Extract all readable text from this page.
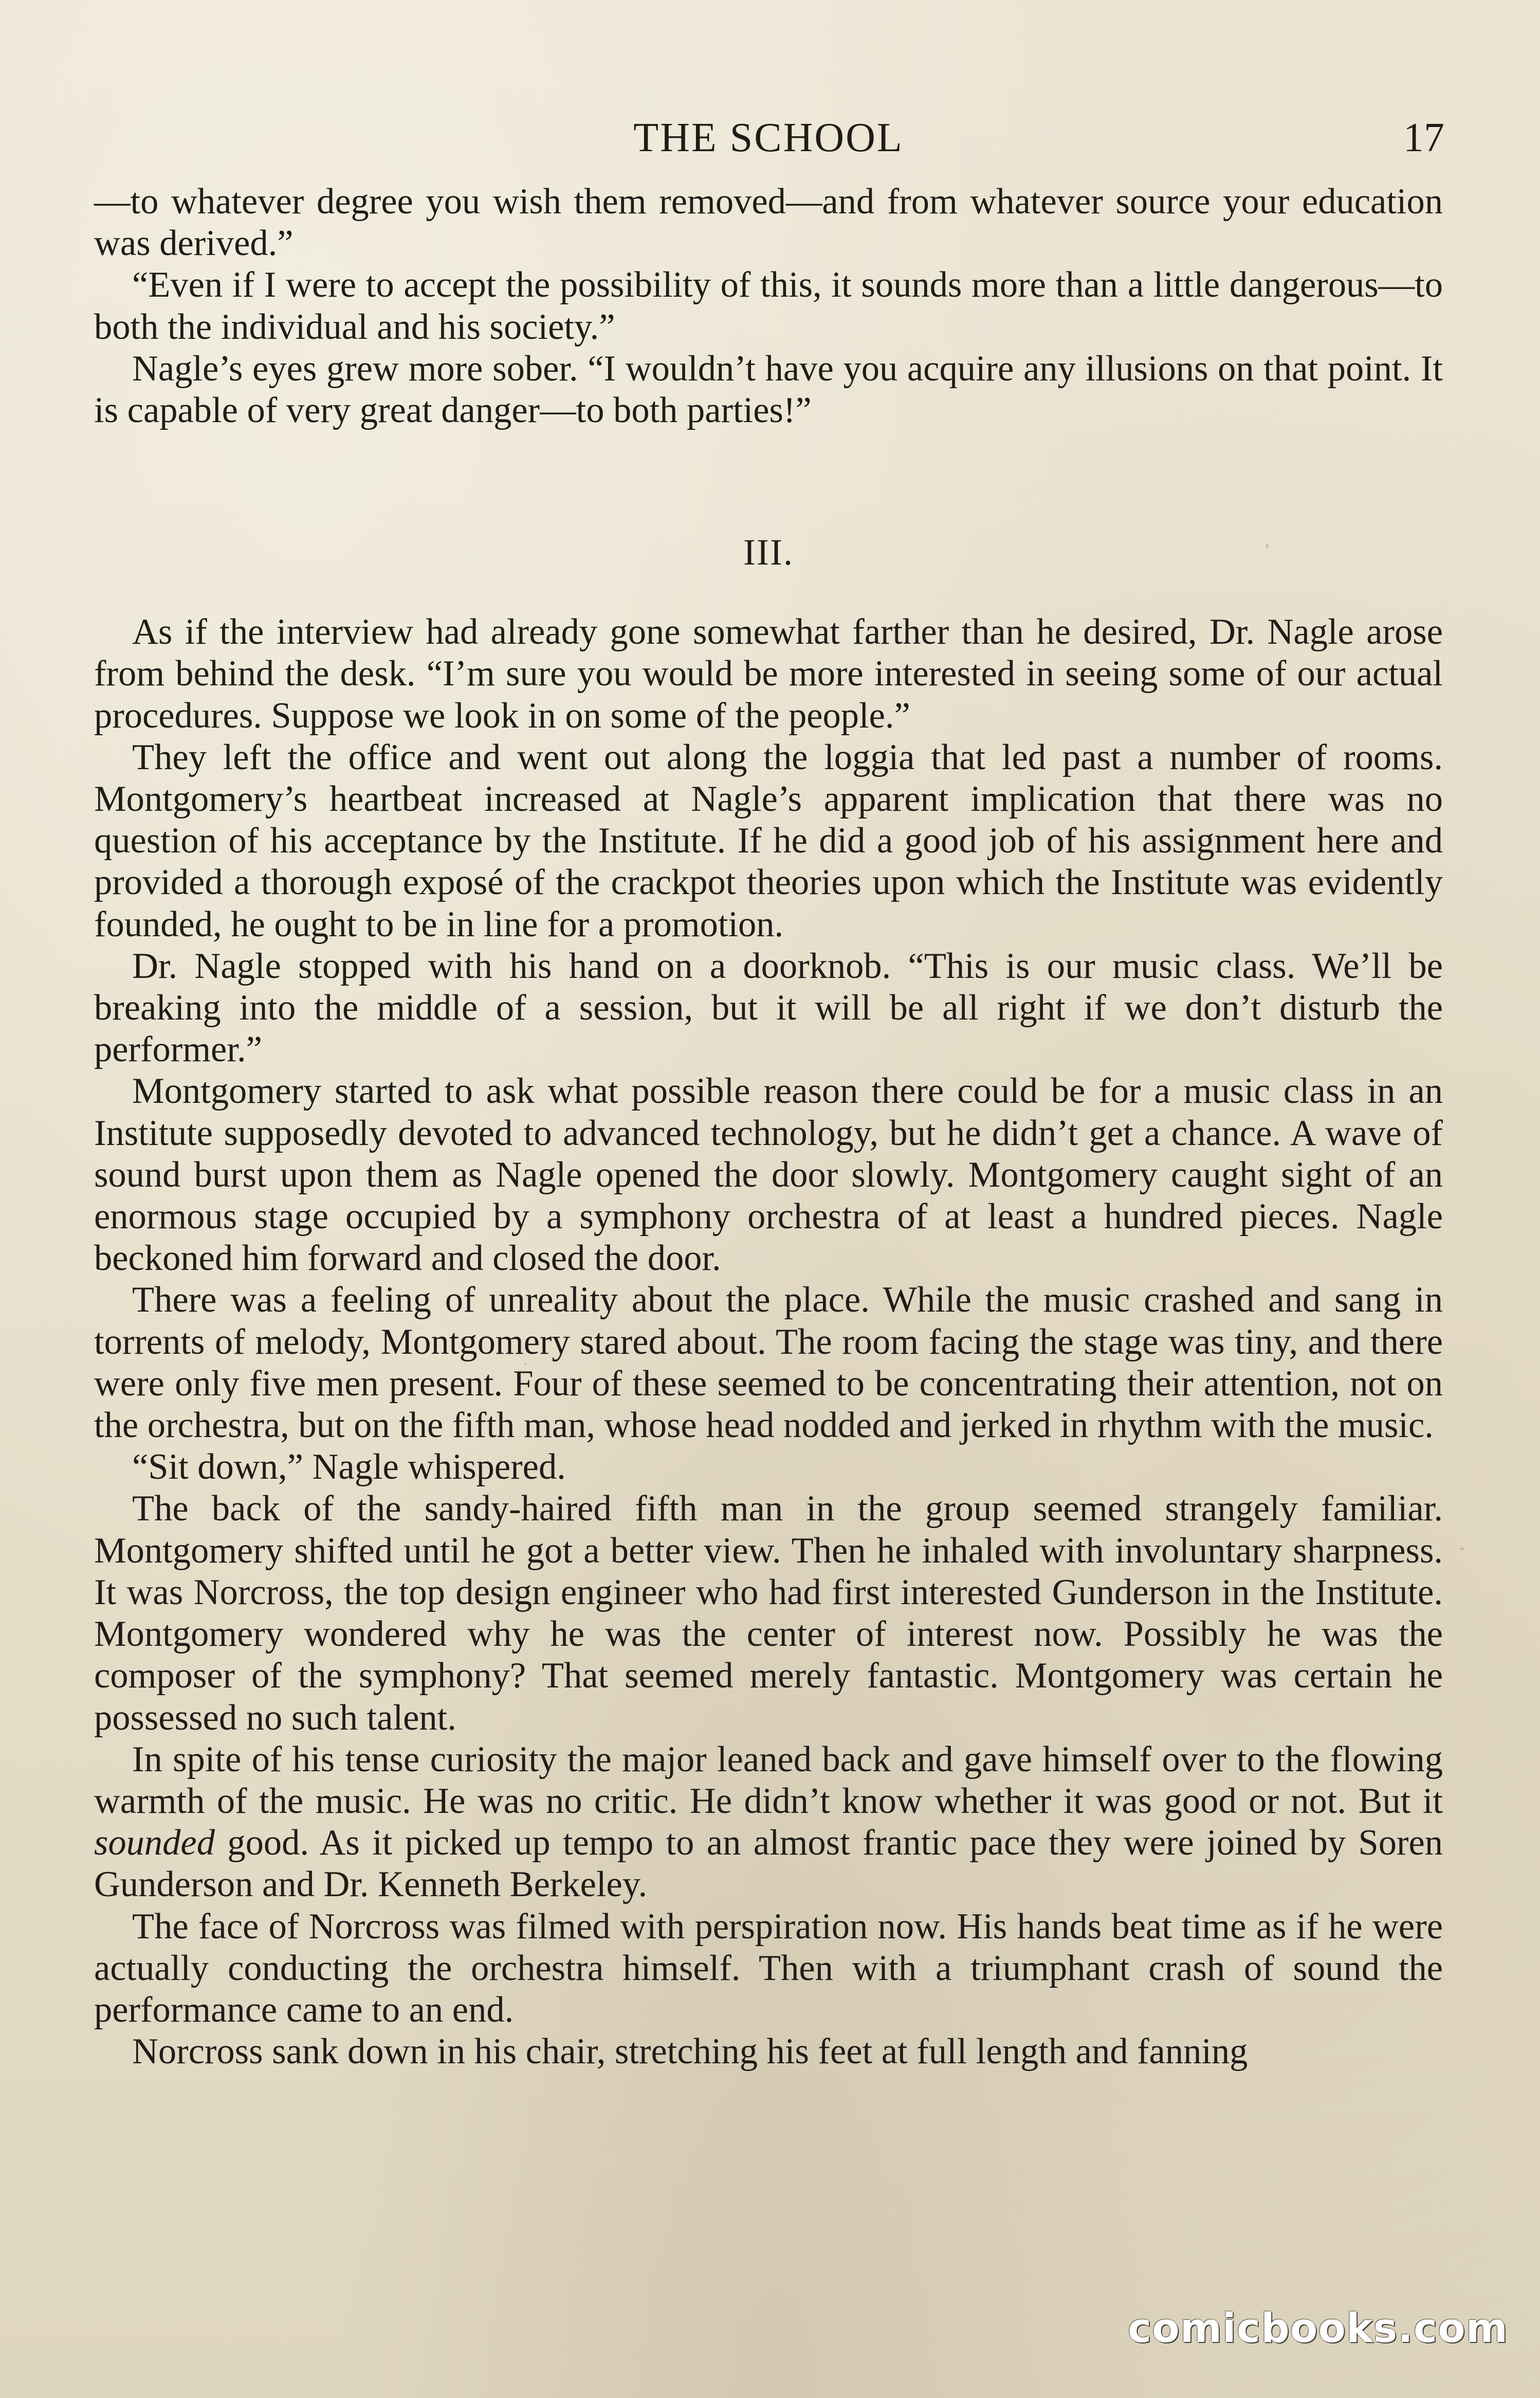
THE SCHOOL	17

—to whatever degree you wish them removed—and from whatever source your education was derived.”

“Even if I were to accept the possibility of this, it sounds more than a little dangerous—to both the individual and his society.”

Nagle’s eyes grew more sober. “I wouldn’t have you acquire any illusions on that point. It is capable of very great danger—to both parties!”

III.

As if the interview had already gone somewhat farther than he desired, Dr. Nagle arose from behind the desk. “I’m sure you would be more interested in seeing some of our actual procedures. Suppose we look in on some of the people.”

They left the office and went out along the loggia that led past a number of rooms. Montgomery’s heartbeat increased at Nagle’s apparent implication that there was no question of his acceptance by the Institute. If he did a good job of his assignment here and provided a thorough exposé of the crackpot theories upon which the Institute was evidently founded, he ought to be in line for a promotion.

Dr. Nagle stopped with his hand on a doorknob. “This is our music class. We’ll be breaking into the middle of a session, but it will be all right if we don’t disturb the performer.”

Montgomery started to ask what possible reason there could be for a music class in an Institute supposedly devoted to advanced technology, but he didn’t get a chance. A wave of sound burst upon them as Nagle opened the door slowly. Montgomery caught sight of an enormous stage occupied by a symphony orchestra of at least a hundred pieces. Nagle beckoned him forward and closed the door.

There was a feeling of unreality about the place. While the music crashed and sang in torrents of melody, Montgomery stared about. The room facing the stage was tiny, and there were only five men present. Four of these seemed to be concentrating their attention, not on the orchestra, but on the fifth man, whose head nodded and jerked in rhythm with the music.

“Sit down,” Nagle whispered.

The back of the sandy-haired fifth man in the group seemed strangely familiar. Montgomery shifted until he got a better view. Then he inhaled with involuntary sharpness. It was Norcross, the top design engineer who had first interested Gunderson in the Institute. Montgomery wondered why he was the center of interest now. Possibly he was the composer of the symphony? That seemed merely fantastic. Montgomery was certain he possessed no such talent.

In spite of his tense curiosity the major leaned back and gave himself over to the flowing warmth of the music. He was no critic. He didn’t know whether it was good or not. But it sounded good. As it picked up tempo to an almost frantic pace they were joined by Soren Gunderson and Dr. Kenneth Berkeley.

The face of Norcross was filmed with perspiration now. His hands beat time as if he were actually conducting the orchestra himself. Then with a triumphant crash of sound the performance came to an end.

Norcross sank down in his chair, stretching his feet at full length and fanning

comicbooks.com
